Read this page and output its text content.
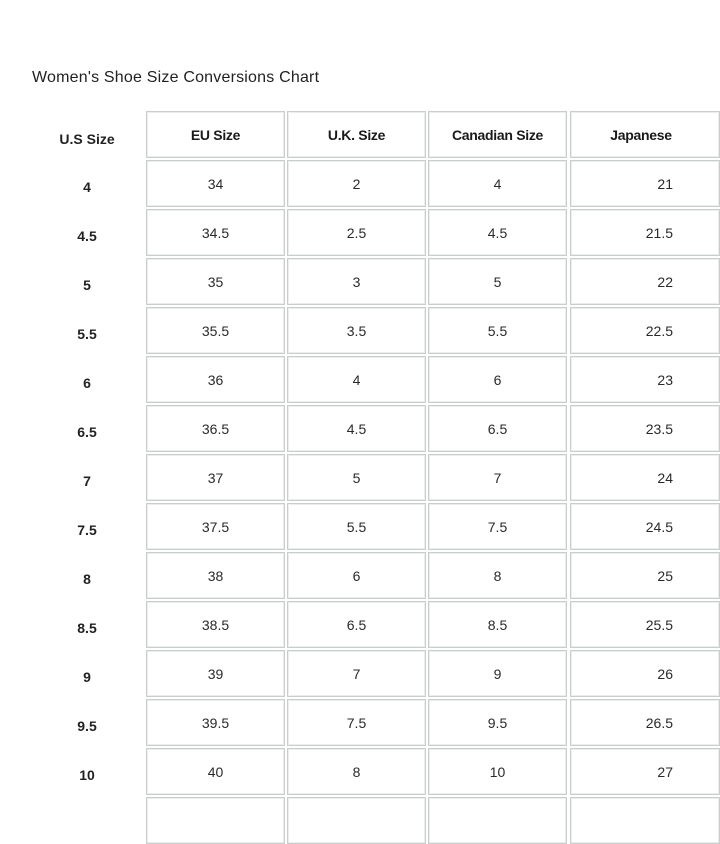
Women's Shoe Size Conversions Chart
U.S Size	EU Size	U.K. Size	Canadian Size	Japanese
4	34	2	4	21
4.5	34.5	2.5	4.5	21.5
5	35	3	5	22
5.5	35.5	3.5	5.5	22.5
6	36	4	6	23
6.5	36.5	4.5	6.5	23.5
7	37	5	7	24
7.5	37.5	5.5	7.5	24.5
8	38	6	8	25
8.5	38.5	6.5	8.5	25.5
9	39	7	9	26
9.5	39.5	7.5	9.5	26.5
10	40	8	10	27
